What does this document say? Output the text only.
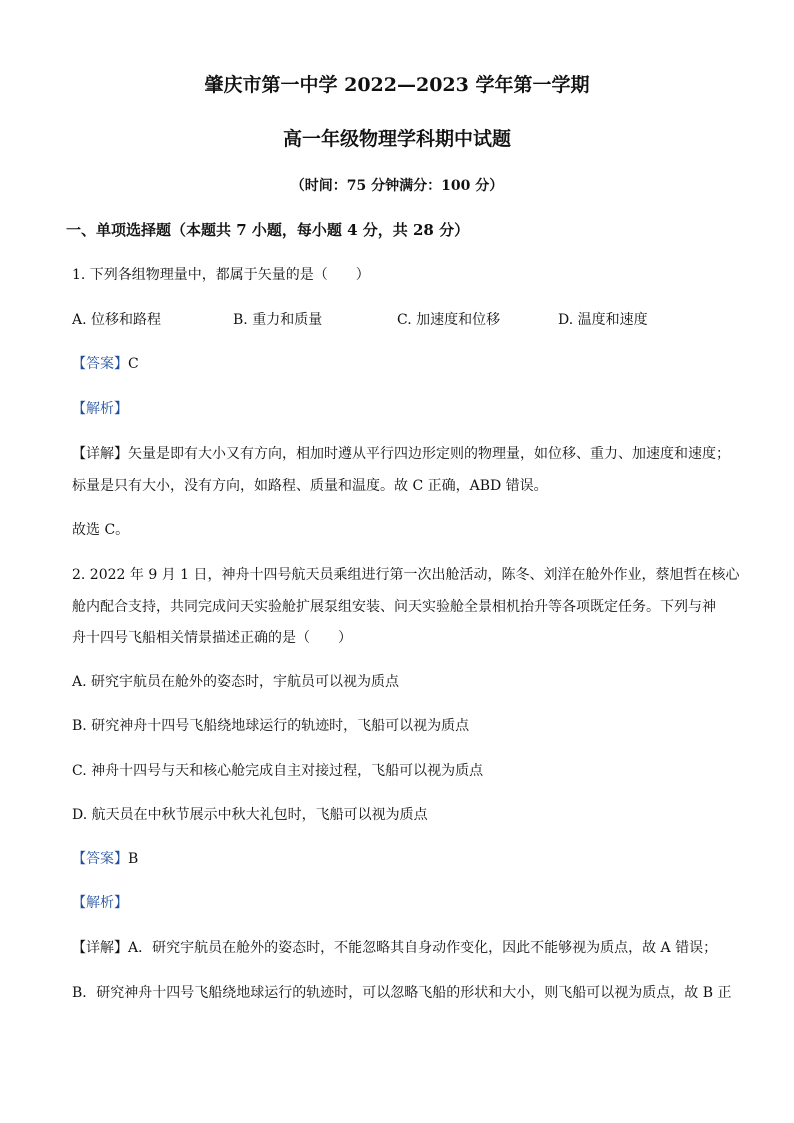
肇庆市第一中学 2022—2023 学年第一学期
高一年级物理学科期中试题
（时间：75 分钟满分：100 分）
一、单项选择题（本题共 7 小题，每小题 4 分，共 28 分）
1. 下列各组物理量中，都属于矢量的是（　　）
A. 位移和路程	B. 重力和质量	C. 加速度和位移	D. 温度和速度
【答案】C
【解析】
【详解】矢量是即有大小又有方向，相加时遵从平行四边形定则的物理量，如位移、重力、加速度和速度；
标量是只有大小，没有方向，如路程、质量和温度。故 C 正确，ABD 错误。
故选 C。
2. 2022 年 9 月 1 日，神舟十四号航天员乘组进行第一次出舱活动，陈冬、刘洋在舱外作业，蔡旭哲在核心
舱内配合支持，共同完成问天实验舱扩展泵组安装、问天实验舱全景相机抬升等各项既定任务。下列与神
舟十四号飞船相关情景描述正确的是（　　）
A. 研究宇航员在舱外的姿态时，宇航员可以视为质点
B. 研究神舟十四号飞船绕地球运行的轨迹时，飞船可以视为质点
C. 神舟十四号与天和核心舱完成自主对接过程，飞船可以视为质点
D. 航天员在中秋节展示中秋大礼包时，飞船可以视为质点
【答案】B
【解析】
【详解】A．研究宇航员在舱外的姿态时，不能忽略其自身动作变化，因此不能够视为质点，故 A 错误；
B．研究神舟十四号飞船绕地球运行的轨迹时，可以忽略飞船的形状和大小，则飞船可以视为质点，故 B 正
